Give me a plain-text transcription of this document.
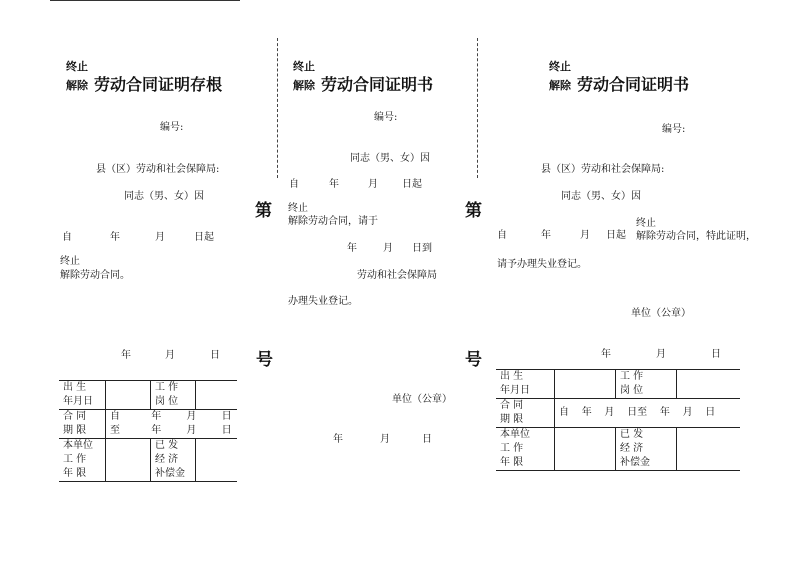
终止
解除 劳动合同证明存根
编号:
县（区）劳动和社会保障局:
同志（男、女）因
自	年	月	日起
终止
解除劳动合同。
年	月	日
出 生		工 作	
年月日		岗 位	
合 同	自 年 月 日		
期 限	至 年 月 日		
本单位		已 发	
工 作		经 济	
年 限		补偿金	
第
号
第
号
终止
解除 劳动合同证明书
编号:
同志（男、女）因
自	年	月 日起
终止
解除劳动合同，请于
年	月 日到
劳动和社会保障局
办理失业登记。
单位（公章）
年	月	日
终止
解除 劳动合同证明书
编号:
县（区）劳动和社会保障局:
同志（男、女）因
终止
自	年	月 日起 解除劳动合同，特此证明，
请予办理失业登记。
单位（公章）
年	月	日
出 生		工 作	
年月日		岗 位	
合 同	自    年    月    日至    年    月    日		
期 限			
本单位		已 发	
工 作		经 济	
年 限		补偿金	
